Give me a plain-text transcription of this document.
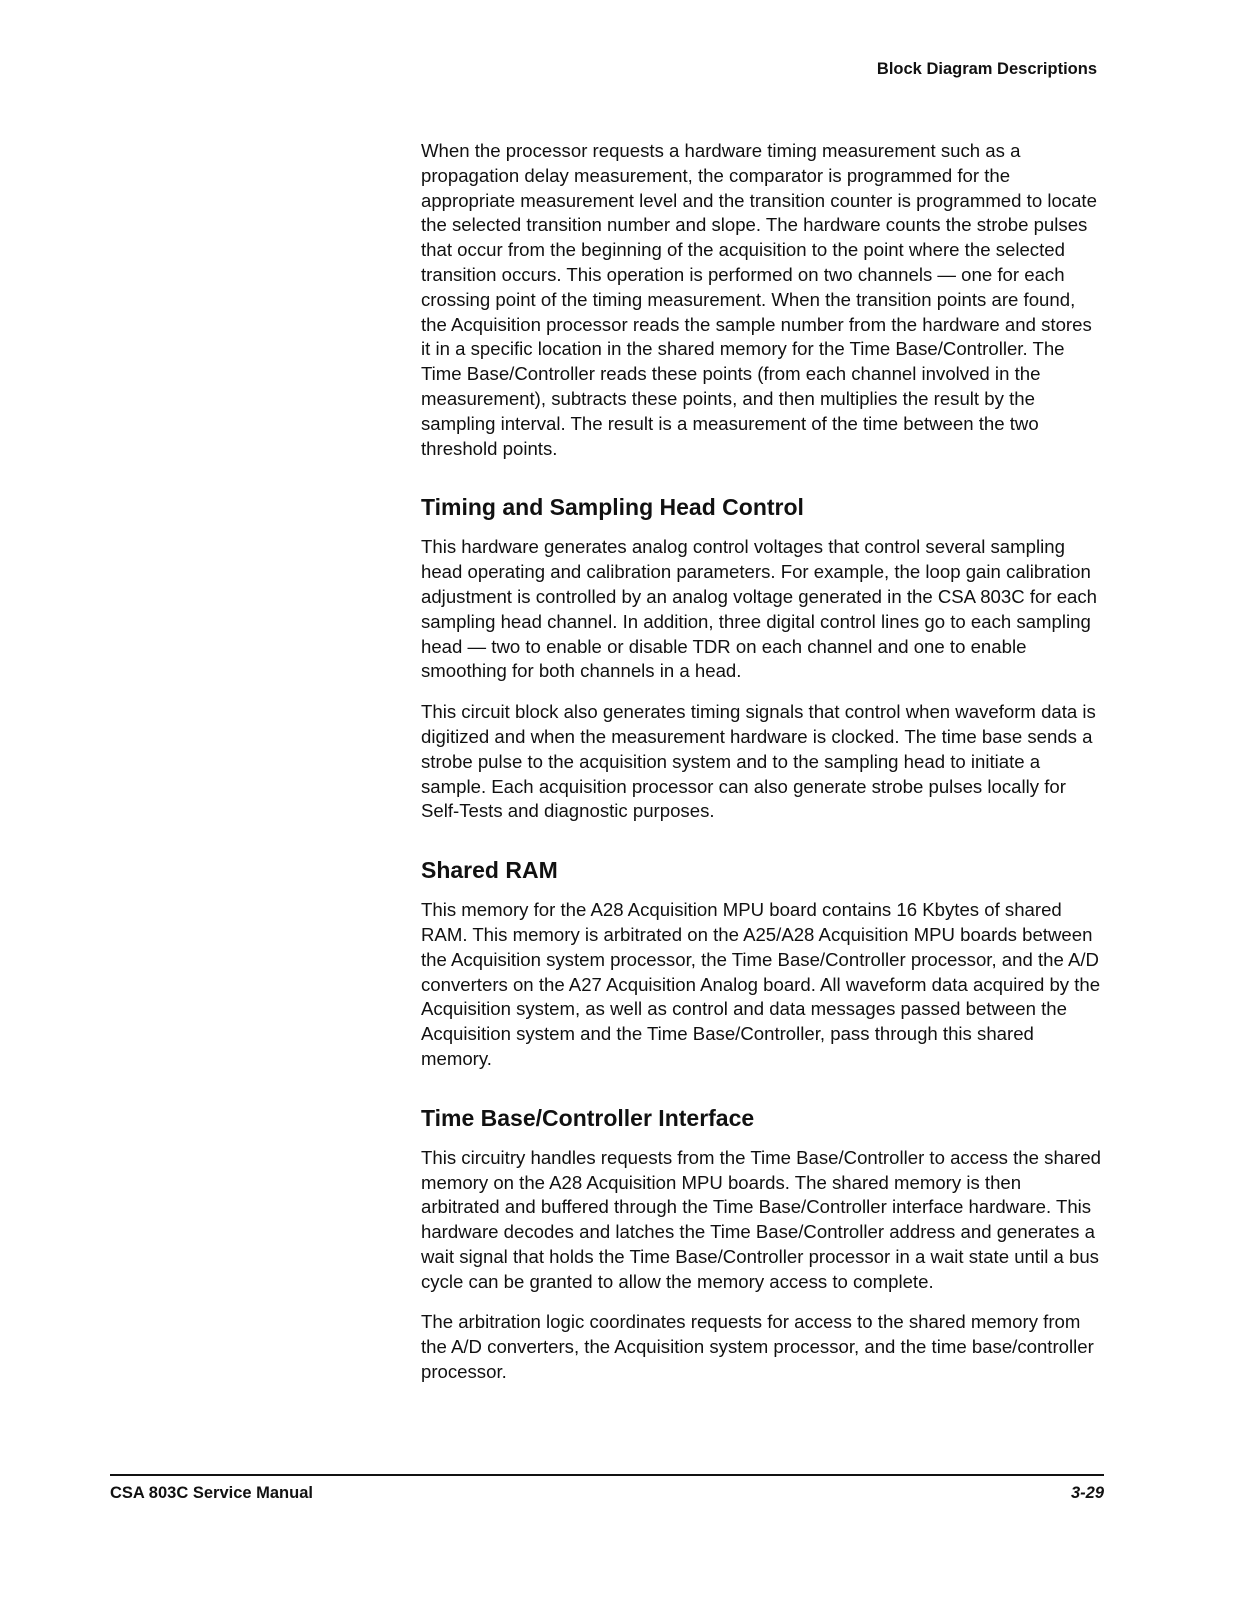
Block Diagram Descriptions

When the processor requests a hardware timing measurement such as a propagation delay measurement, the comparator is programmed for the appropriate measurement level and the transition counter is programmed to locate the selected transition number and slope. The hardware counts the strobe pulses that occur from the beginning of the acquisition to the point where the selected transition occurs. This operation is performed on two channels — one for each crossing point of the timing measurement. When the transition points are found, the Acquisition processor reads the sample number from the hardware and stores it in a specific location in the shared memory for the Time Base/Controller. The Time Base/Controller reads these points (from each channel involved in the measurement), subtracts these points, and then multiplies the result by the sampling interval. The result is a measurement of the time between the two threshold points.

Timing and Sampling Head Control

This hardware generates analog control voltages that control several sampling head operating and calibration parameters. For example, the loop gain calibration adjustment is controlled by an analog voltage generated in the CSA 803C for each sampling head channel. In addition, three digital control lines go to each sampling head — two to enable or disable TDR on each channel and one to enable smoothing for both channels in a head.

This circuit block also generates timing signals that control when waveform data is digitized and when the measurement hardware is clocked. The time base sends a strobe pulse to the acquisition system and to the sampling head to initiate a sample. Each acquisition processor can also generate strobe pulses locally for Self-Tests and diagnostic purposes.

Shared RAM

This memory for the A28 Acquisition MPU board contains 16 Kbytes of shared RAM. This memory is arbitrated on the A25/A28 Acquisition MPU boards between the Acquisition system processor, the Time Base/Controller processor, and the A/D converters on the A27 Acquisition Analog board. All waveform data acquired by the Acquisition system, as well as control and data messages passed between the Acquisition system and the Time Base/Controller, pass through this shared memory.

Time Base/Controller Interface

This circuitry handles requests from the Time Base/Controller to access the shared memory on the A28 Acquisition MPU boards. The shared memory is then arbitrated and buffered through the Time Base/Controller interface hardware. This hardware decodes and latches the Time Base/Controller address and generates a wait signal that holds the Time Base/Controller processor in a wait state until a bus cycle can be granted to allow the memory access to complete.

The arbitration logic coordinates requests for access to the shared memory from the A/D converters, the Acquisition system processor, and the time base/controller processor.

CSA 803C Service Manual	3-29
